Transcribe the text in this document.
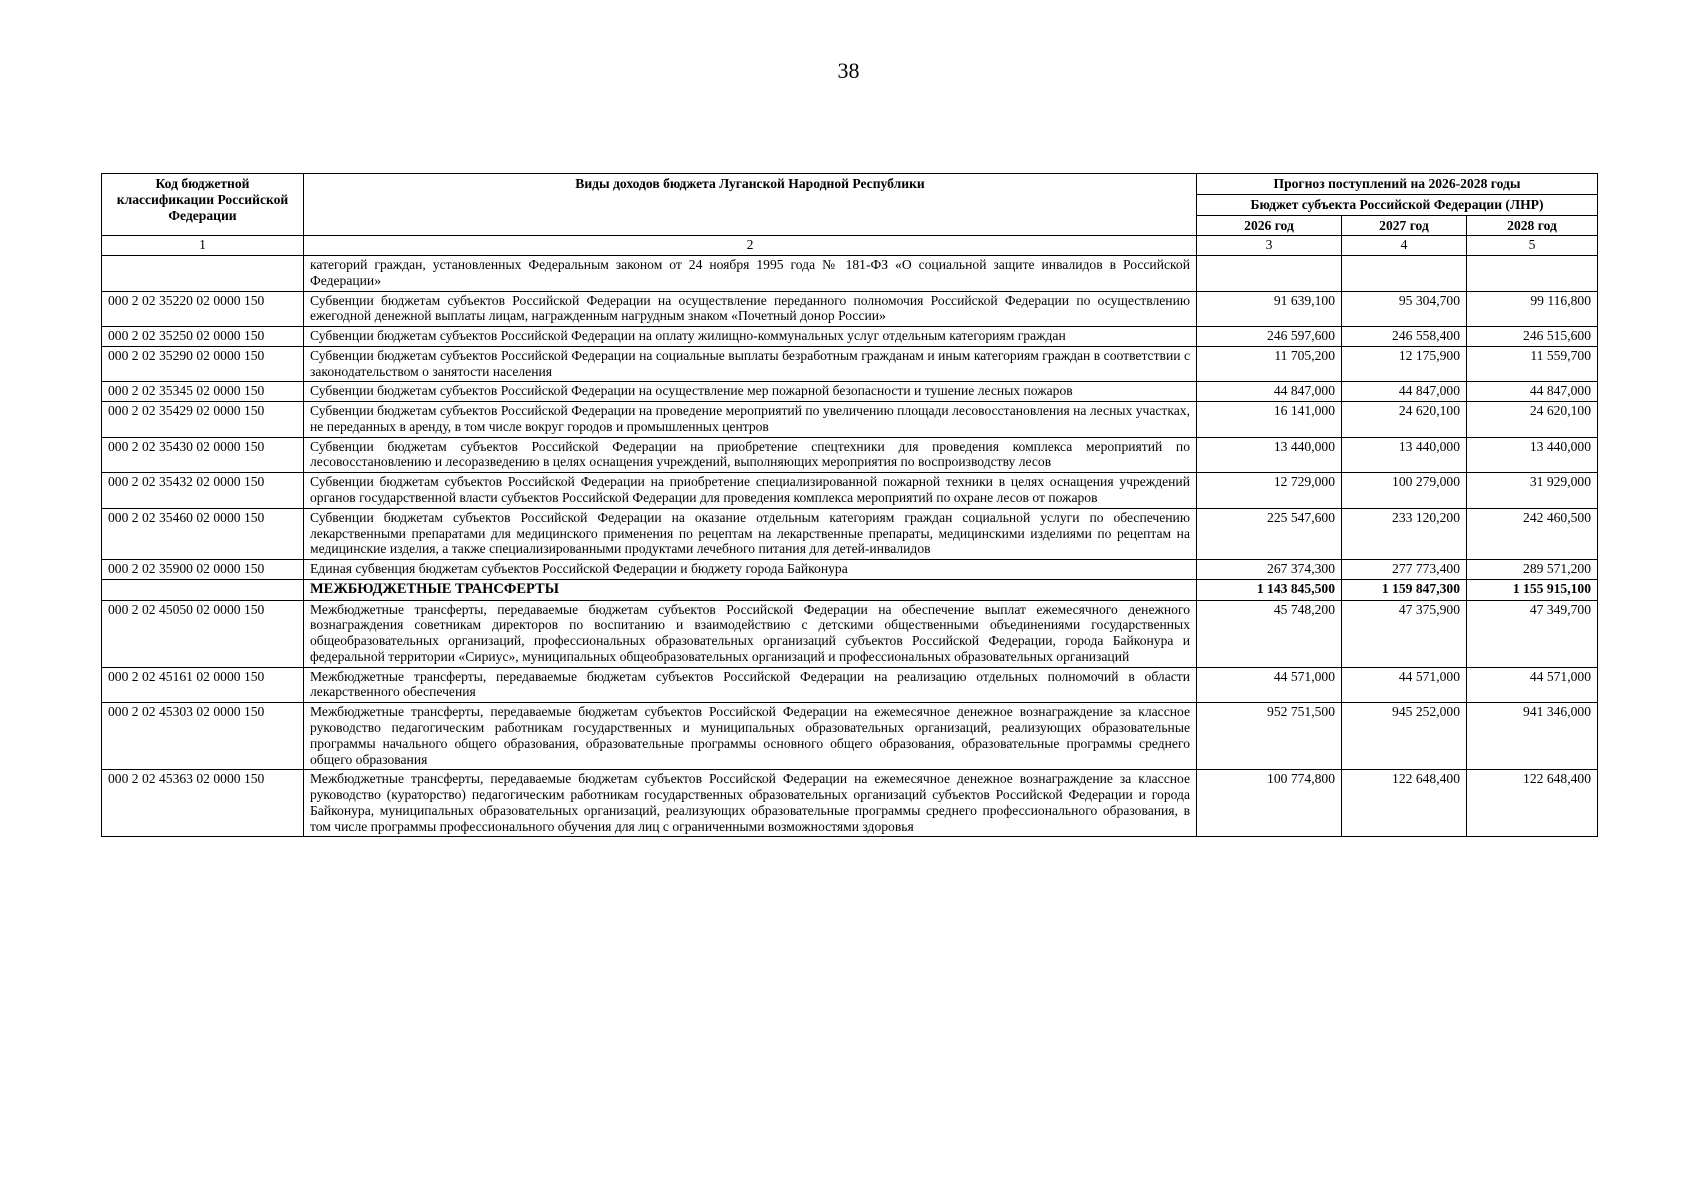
38
Код бюджетной классификации Российской Федерации	Виды доходов бюджета Луганской Народной Республики	Прогноз поступлений на 2026-2028 годы		
		Бюджет субъекта Российской Федерации (ЛНР)		
		2026 год	2027 год	2028 год
1	2	3	4	5
	категорий граждан, установленных Федеральным законом от 24 ноября 1995 года № 181-ФЗ «О социальной защите инвалидов в Российской Федерации»			
000 2 02 35220 02 0000 150	Субвенции бюджетам субъектов Российской Федерации на осуществление переданного полномочия Российской Федерации по осуществлению ежегодной денежной выплаты лицам, награжденным нагрудным знаком «Почетный донор России»	91 639,100	95 304,700	99 116,800
000 2 02 35250 02 0000 150	Субвенции бюджетам субъектов Российской Федерации на оплату жилищно-коммунальных услуг отдельным категориям граждан	246 597,600	246 558,400	246 515,600
000 2 02 35290 02 0000 150	Субвенции бюджетам субъектов Российской Федерации на социальные выплаты безработным гражданам и иным категориям граждан в соответствии с законодательством о занятости населения	11 705,200	12 175,900	11 559,700
000 2 02 35345 02 0000 150	Субвенции бюджетам субъектов Российской Федерации на осуществление мер пожарной безопасности и тушение лесных пожаров	44 847,000	44 847,000	44 847,000
000 2 02 35429 02 0000 150	Субвенции бюджетам субъектов Российской Федерации на проведение мероприятий по увеличению площади лесовосстановления на лесных участках, не переданных в аренду, в том числе вокруг городов и промышленных центров	16 141,000	24 620,100	24 620,100
000 2 02 35430 02 0000 150	Субвенции бюджетам субъектов Российской Федерации на приобретение спецтехники для проведения комплекса мероприятий по лесовосстановлению и лесоразведению в целях оснащения учреждений, выполняющих мероприятия по воспроизводству лесов	13 440,000	13 440,000	13 440,000
000 2 02 35432 02 0000 150	Субвенции бюджетам субъектов Российской Федерации на приобретение специализированной пожарной техники в целях оснащения учреждений органов государственной власти субъектов Российской Федерации для проведения комплекса мероприятий по охране лесов от пожаров	12 729,000	100 279,000	31 929,000
000 2 02 35460 02 0000 150	Субвенции бюджетам субъектов Российской Федерации на оказание отдельным категориям граждан социальной услуги по обеспечению лекарственными препаратами для медицинского применения по рецептам на лекарственные препараты, медицинскими изделиями по рецептам на медицинские изделия, а также специализированными продуктами лечебного питания для детей-инвалидов	225 547,600	233 120,200	242 460,500
000 2 02 35900 02 0000 150	Единая субвенция бюджетам субъектов Российской Федерации и бюджету города Байконура	267 374,300	277 773,400	289 571,200
	МЕЖБЮДЖЕТНЫЕ ТРАНСФЕРТЫ	1 143 845,500	1 159 847,300	1 155 915,100
000 2 02 45050 02 0000 150	Межбюджетные трансферты, передаваемые бюджетам субъектов Российской Федерации на обеспечение выплат ежемесячного денежного вознаграждения советникам директоров по воспитанию и взаимодействию с детскими общественными объединениями государственных общеобразовательных организаций, профессиональных образовательных организаций субъектов Российской Федерации, города Байконура и федеральной территории «Сириус», муниципальных общеобразовательных организаций и профессиональных образовательных организаций	45 748,200	47 375,900	47 349,700
000 2 02 45161 02 0000 150	Межбюджетные трансферты, передаваемые бюджетам субъектов Российской Федерации на реализацию отдельных полномочий в области лекарственного обеспечения	44 571,000	44 571,000	44 571,000
000 2 02 45303 02 0000 150	Межбюджетные трансферты, передаваемые бюджетам субъектов Российской Федерации на ежемесячное денежное вознаграждение за классное руководство педагогическим работникам государственных и муниципальных образовательных организаций, реализующих образовательные программы начального общего образования, образовательные программы основного общего образования, образовательные программы среднего общего образования	952 751,500	945 252,000	941 346,000
000 2 02 45363 02 0000 150	Межбюджетные трансферты, передаваемые бюджетам субъектов Российской Федерации на ежемесячное денежное вознаграждение за классное руководство (кураторство) педагогическим работникам государственных образовательных организаций субъектов Российской Федерации и города Байконура, муниципальных образовательных организаций, реализующих образовательные программы среднего профессионального образования, в том числе программы профессионального обучения для лиц с ограниченными возможностями здоровья	100 774,800	122 648,400	122 648,400
